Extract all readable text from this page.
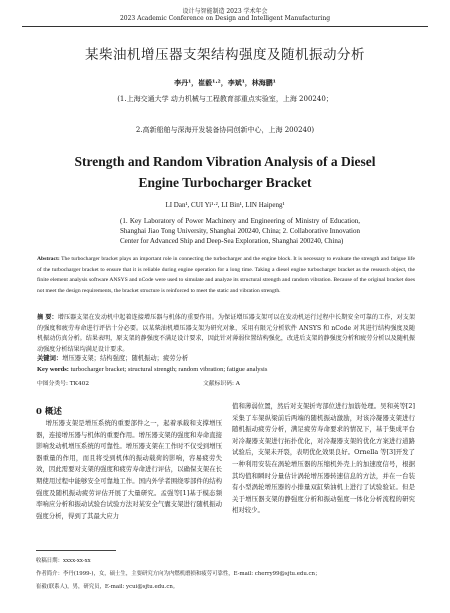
设计与智能制造 2023 学术年会
2023 Academic Conference on Design and Intelligent Manufacturing
某柴油机增压器支架结构强度及随机振动分析
李丹¹，崔毅¹·²，李斌¹，林海鹏¹
(1.上海交通大学 动力机械与工程教育部重点实验室，上海 200240；
2.高新船舶与深海开发装备协同创新中心，上海 200240)
Strength and Random Vibration Analysis of a Diesel
Engine Turbocharger Bracket
LI Dan¹, CUI Yi¹·², LI Bin¹, LIN Haipeng¹
(1. Key Laboratory of Power Machinery and Engineering of Ministry of Education, Shanghai Jiao Tong University, Shanghai 200240, China; 2. Collaborative Innovation Center for Advanced Ship and Deep-Sea Exploration, Shanghai 200240, China)
Abstract: The turbocharger bracket plays an important role in connecting the turbocharger and the engine block. It is necessary to evaluate the strength and fatigue life of the turbocharger bracket to ensure that it is reliable during engine operation for a long time. Taking a diesel engine turbocharger bracket as the research object, the finite element analysis software ANSYS and nCode were used to simulate and analyze its structural strength and random vibration. Because of the original bracket does not meet the design requirements, the bracket structure is reinforced to meet the static and vibration strength.
摘 要：增压器支架在发动机中起着连接增压器与机体的重要作用。为保证增压器支架可以在发动机运行过程中长期安全可靠的工作，对支架的强度和疲劳寿命进行评估十分必要。以某柴油机增压器支架为研究对象，采用有限元分析软件 ANSYS 和 nCode 对其进行结构强度及随机振动仿真分析。结果表明，原支架的静强度不满足设计要求，因此针对薄弱位置结构强化，改进后支架的静强度分析和疲劳分析以及随机振动强度分析结果均满足设计要求。
关键词：增压器支架；结构强度；随机振动；疲劳分析
Key words: turbocharger bracket; structural strength; random vibration; fatigue analysis
中图分类号: TK402	文献标识码: A
0 概述
增压器支架是增压系统的重要部件之一，起着承载和支撑增压器，连接增压器与机体的重要作用。增压器支架的强度和寿命直接影响发动机增压系统的可靠性。增压器支架在工作时不仅受到增压器重量的作用，而且将受到机体的振动载荷的影响，容易疲劳失效，因此需要对支架的强度和疲劳寿命进行评估，以确保支架在长期使用过程中能够安全可靠地工作。国内外学者围绕零部件的结构强度及随机振动疲劳评估开展了大量研究。孟强等[1]基于模态频率响应分析和振动试验台试验方法对某安全气囊支架进行随机振动强度分析，得到了其最大应力
值和薄弱位置，然后对支架折弯部位进行加筋处理。吴和英等[2]采集了车架纵梁前后两端的随机振动激励，对该冷凝器支架进行随机振动疲劳分析，满足疲劳寿命要求的情况下，基于集成平台对冷凝器支架进行拓扑优化，对冷凝器支架的优化方案进行道路试验后，支架未开裂，表明优化效果良好。Ornella 等[3]开发了一种利用安装在涡轮增压器的压缩机外壳上的加速度信号，根据其均值和瞬时分量估计涡轮增压器转速信息的方法，并在一台装有小型涡轮增压器的小排量双缸柴油机上进行了试验验证。但是关于增压器支架的静强度分析和振动强度一体化分析流程的研究相对较少。
收稿日期：xxxx-xx-xx
作者简介：李丹(1999-)，女，硕士生，主要研究方向为内燃机磨损和疲劳可靠性，E-mail: cherry99@sjtu.edu.cn；
崔毅(联系人)，男，研究员，E-mail: ycui@sjtu.edu.cn。
